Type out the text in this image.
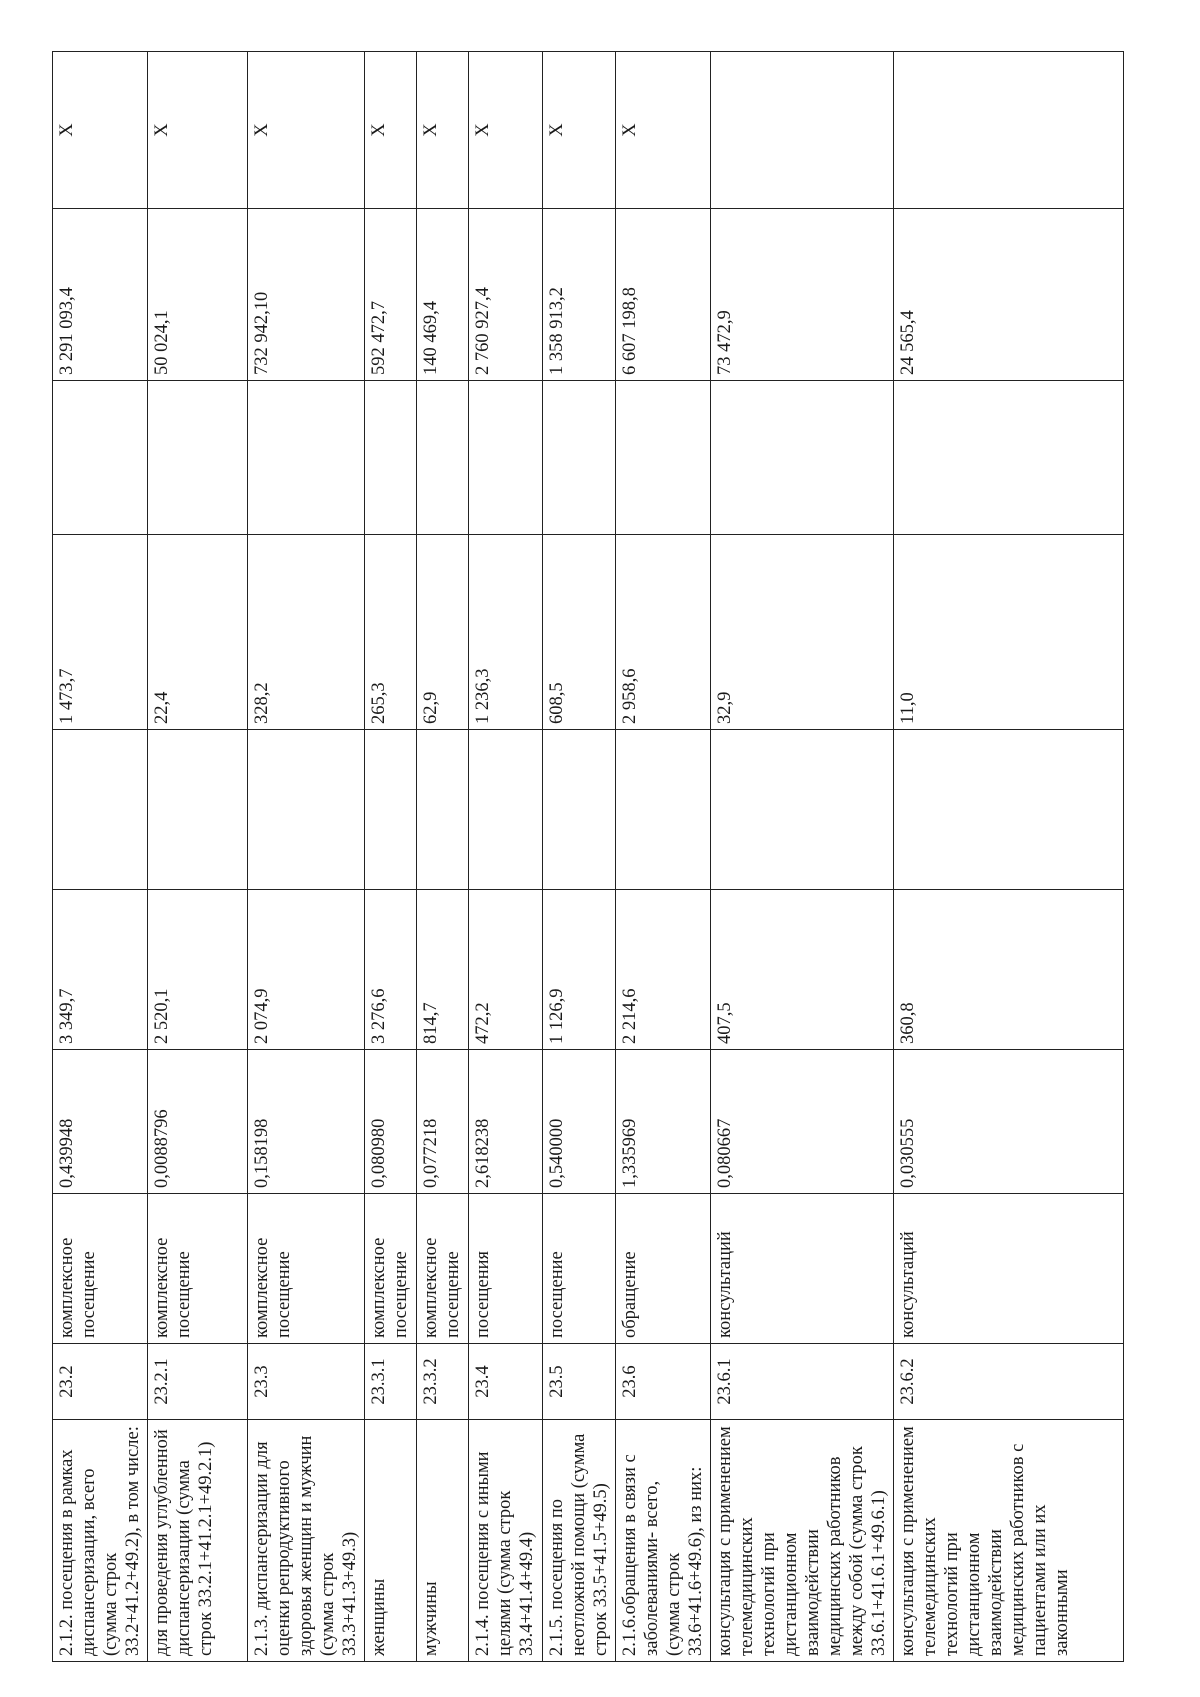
2.1.2. посещения в рамках диспансеризации, всего (сумма строк 33.2+41.2+49.2), в том числе:	23.2	комплексное посещение	0,439948	3 349,7		1 473,7		3 291 093,4	X
для проведения углубленной диспансеризации (сумма строк 33.2.1+41.2.1+49.2.1)	23.2.1	комплексное посещение	0,0088796	2 520,1		22,4		50 024,1	X
2.1.3. диспансеризации для оценки репродуктивного здоровья женщин и мужчин (сумма строк 33.3+41.3+49.3)	23.3	комплексное посещение	0,158198	2 074,9		328,2		732 942,10	X
женщины	23.3.1	комплексное посещение	0,080980	3 276,6		265,3		592 472,7	X
мужчины	23.3.2	комплексное посещение	0,077218	814,7		62,9		140 469,4	X
2.1.4. посещения с иными целями (сумма строк 33.4+41.4+49.4)	23.4	посещения	2,618238	472,2		1 236,3		2 760 927,4	X
2.1.5. посещения по неотложной помощи (сумма строк 33.5+41.5+49.5)	23.5	посещение	0,540000	1 126,9		608,5		1 358 913,2	X
2.1.6.обращения в связи с заболеваниями- всего, (сумма строк 33.6+41.6+49.6), из них:	23.6	обращение	1,335969	2 214,6		2 958,6		6 607 198,8	X
консультация с применением телемедицинских технологий при дистанционном взаимодействии медицинских работников между собой (сумма строк 33.6.1+41.6.1+49.6.1)	23.6.1	консультаций	0,080667	407,5		32,9		73 472,9	
консультация с применением телемедицинских технологий при дистанционном взаимодействии медицинских работников с пациентами или их законными	23.6.2	консультаций	0,030555	360,8		11,0		24 565,4	
